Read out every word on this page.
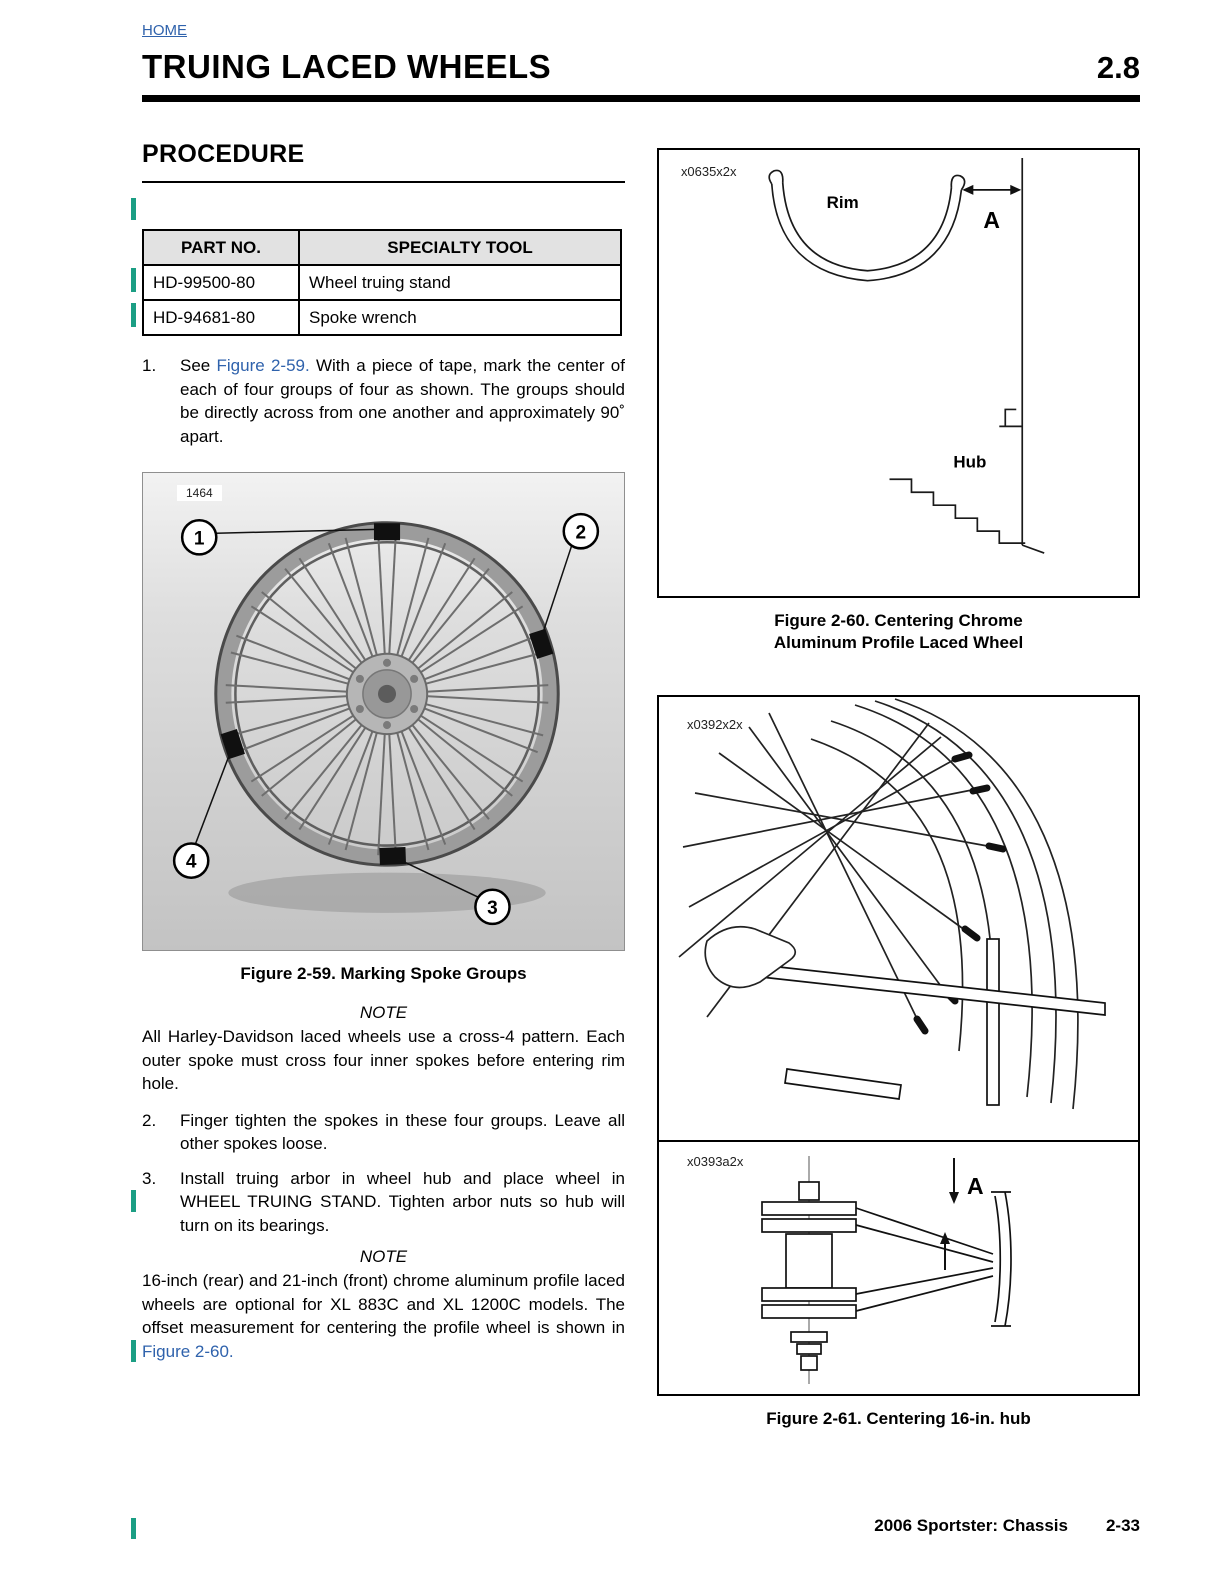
HOME
TRUING LACED WHEELS	2.8
PROCEDURE
PART NO.	SPECIALTY TOOL
HD-99500-80	Wheel truing stand
HD-94681-80	Spoke wrench
1.	See Figure 2-59. With a piece of tape, mark the center of each of four groups of four as shown. The groups should be directly across from one another and approximately 90˚ apart.
1	2
3
4
1464
Figure 2-59. Marking Spoke Groups
NOTE
All Harley-Davidson laced wheels use a cross-4 pattern. Each outer spoke must cross four inner spokes before entering rim hole.
2.	Finger tighten the spokes in these four groups. Leave all other spokes loose.
3.	Install truing arbor in wheel hub and place wheel in WHEEL TRUING STAND. Tighten arbor nuts so hub will turn on its bearings.
NOTE
16-inch (rear) and 21-inch (front) chrome aluminum profile laced wheels are optional for XL 883C and XL 1200C models. The offset measurement for centering the profile wheel is shown in Figure 2-60.
x0635x2x
Rim
A
Hub
Figure 2-60. Centering Chrome
Aluminum Profile Laced Wheel
x0392x2x
x0393a2x
A
Figure 2-61. Centering 16-in. hub
2006 Sportster: Chassis 2-33
